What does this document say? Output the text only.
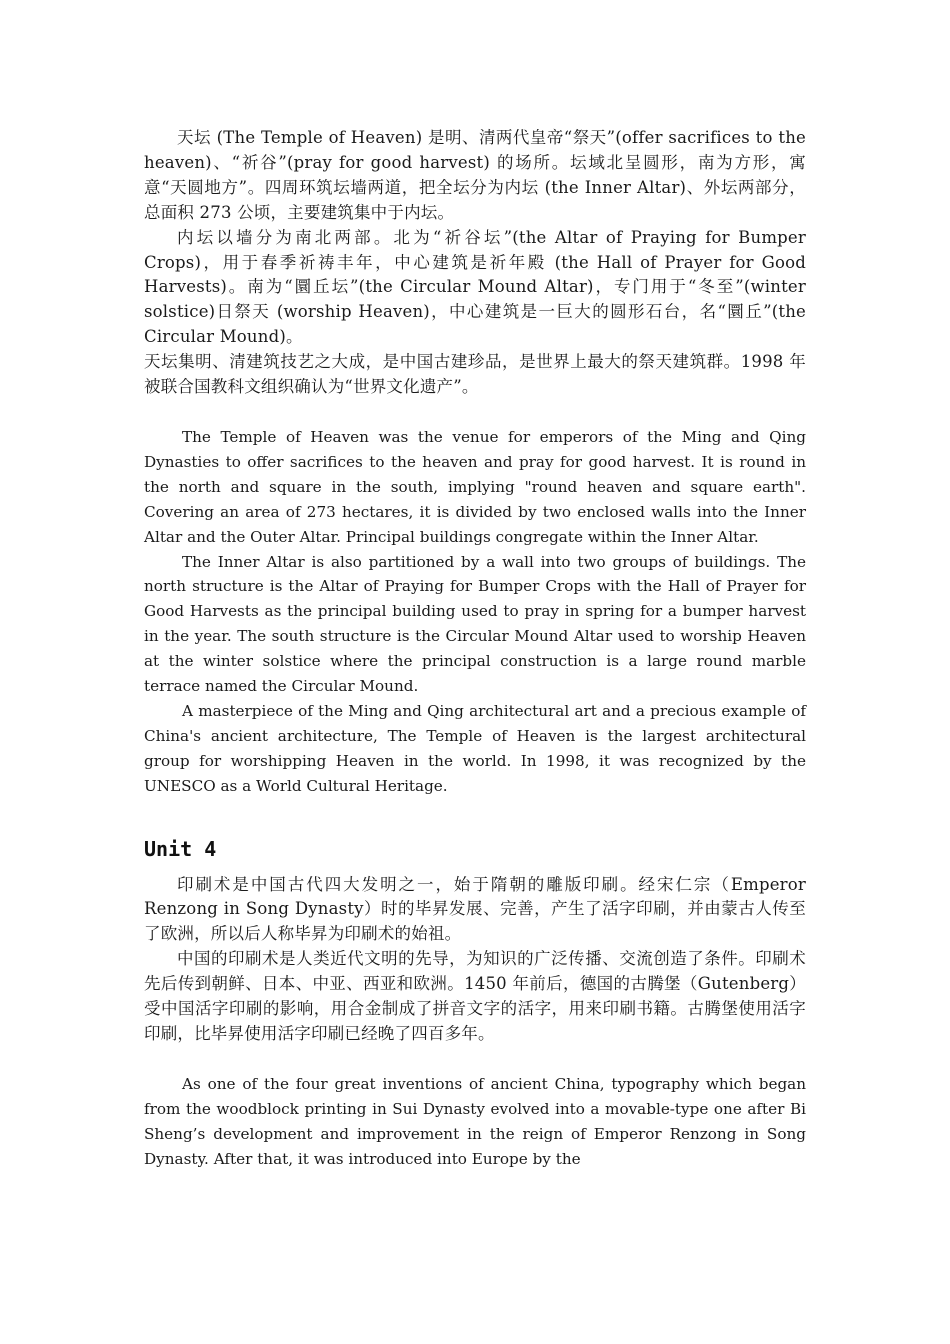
天坛 (The Temple of Heaven) 是明、清两代皇帝“祭天”(offer sacrifices to the heaven)、“祈谷”(pray for good harvest) 的场所。坛域北呈圆形，南为方形，寓意“天圆地方”。四周环筑坛墙两道，把全坛分为内坛 (the Inner Altar)、外坛两部分，总面积 273 公顷，主要建筑集中于内坛。

内坛以墙分为南北两部。北为“祈谷坛”(the Altar of Praying for Bumper Crops)，用于春季祈祷丰年，中心建筑是祈年殿 (the Hall of Prayer for Good Harvests)。南为“圜丘坛”(the Circular Mound Altar)，专门用于“冬至”(winter solstice)日祭天 (worship Heaven)，中心建筑是一巨大的圆形石台，名“圜丘”(the Circular Mound)。

天坛集明、清建筑技艺之大成，是中国古建珍品，是世界上最大的祭天建筑群。1998 年被联合国教科文组织确认为“世界文化遗产”。

The Temple of Heaven was the venue for emperors of the Ming and Qing Dynasties to offer sacrifices to the heaven and pray for good harvest. It is round in the north and square in the south, implying "round heaven and square earth". Covering an area of 273 hectares, it is divided by two enclosed walls into the Inner Altar and the Outer Altar. Principal buildings congregate within the Inner Altar.

The Inner Altar is also partitioned by a wall into two groups of buildings. The north structure is the Altar of Praying for Bumper Crops with the Hall of Prayer for Good Harvests as the principal building used to pray in spring for a bumper harvest in the year. The south structure is the Circular Mound Altar used to worship Heaven at the winter solstice where the principal construction is a large round marble terrace named the Circular Mound.

A masterpiece of the Ming and Qing architectural art and a precious example of China's ancient architecture, The Temple of Heaven is the largest architectural group for worshipping Heaven in the world. In 1998, it was recognized by the UNESCO as a World Cultural Heritage.

Unit 4

印刷术是中国古代四大发明之一，始于隋朝的雕版印刷。经宋仁宗（Emperor Renzong in Song Dynasty）时的毕昇发展、完善，产生了活字印刷，并由蒙古人传至了欧洲，所以后人称毕昇为印刷术的始祖。

中国的印刷术是人类近代文明的先导，为知识的广泛传播、交流创造了条件。印刷术先后传到朝鲜、日本、中亚、西亚和欧洲。1450 年前后，德国的古腾堡（Gutenberg）受中国活字印刷的影响，用合金制成了拼音文字的活字，用来印刷书籍。古腾堡使用活字印刷，比毕昇使用活字印刷已经晚了四百多年。

As one of the four great inventions of ancient China, typography which began from the woodblock printing in Sui Dynasty evolved into a movable-type one after Bi Sheng’s development and improvement in the reign of Emperor Renzong in Song Dynasty. After that, it was introduced into Europe by the
